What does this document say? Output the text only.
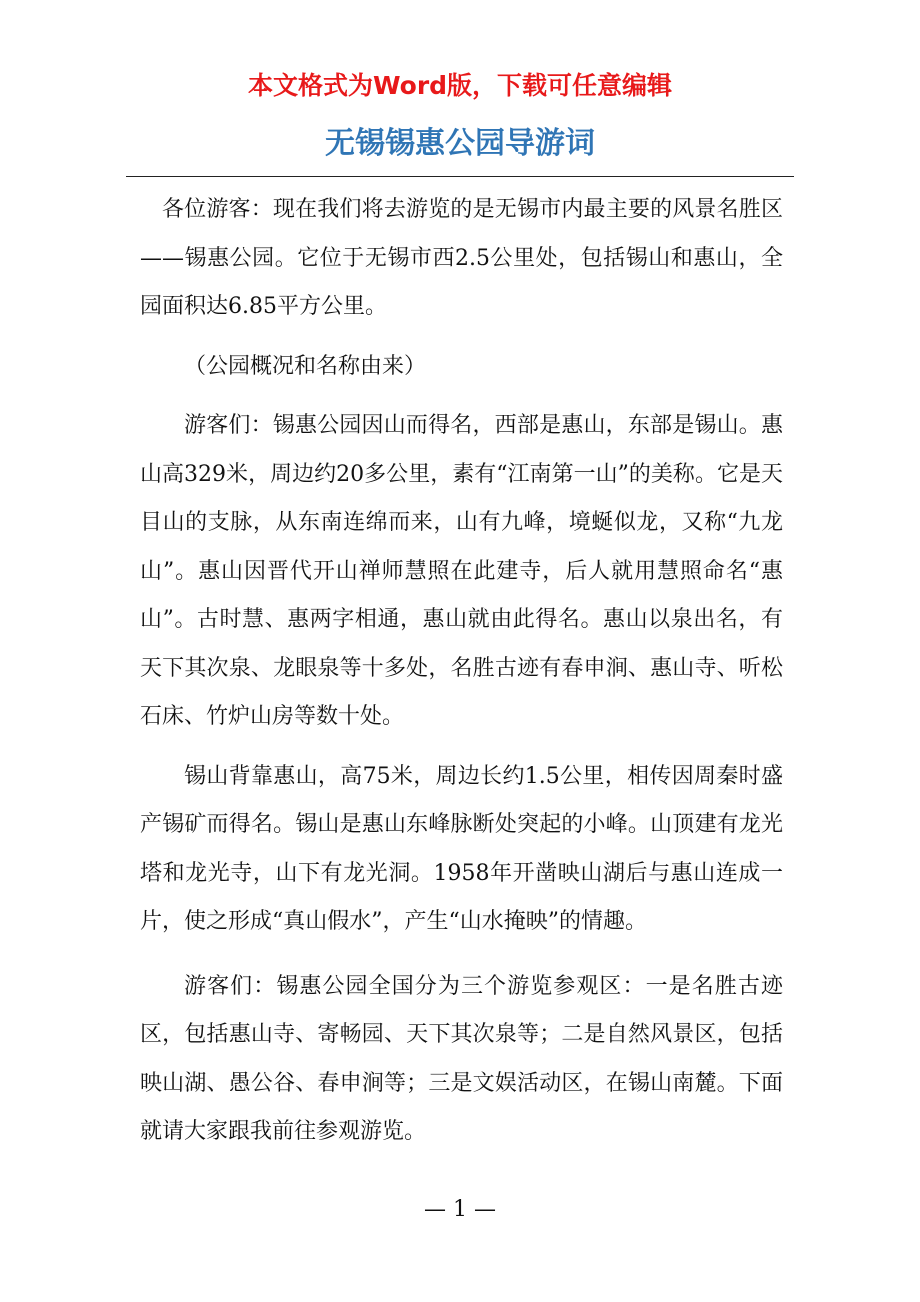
本文格式为Word版，下载可任意编辑
无锡锡惠公园导游词

各位游客：现在我们将去游览的是无锡市内最主要的风景名胜区——锡惠公园。它位于无锡市西2.5公里处，包括锡山和惠山，全园面积达6.85平方公里。

（公园概况和名称由来）

游客们：锡惠公园因山而得名，西部是惠山，东部是锡山。惠山高329米，周边约20多公里，素有“江南第一山”的美称。它是天目山的支脉，从东南连绵而来，山有九峰，境蜒似龙，又称“九龙山”。惠山因晋代开山禅师慧照在此建寺，后人就用慧照命名“惠山”。古时慧、惠两字相通，惠山就由此得名。惠山以泉出名，有天下其次泉、龙眼泉等十多处，名胜古迹有春申涧、惠山寺、听松石床、竹炉山房等数十处。

锡山背靠惠山，高75米，周边长约1.5公里，相传因周秦时盛产锡矿而得名。锡山是惠山东峰脉断处突起的小峰。山顶建有龙光塔和龙光寺，山下有龙光洞。1958年开凿映山湖后与惠山连成一片，使之形成“真山假水”，产生“山水掩映”的情趣。

游客们：锡惠公园全国分为三个游览参观区：一是名胜古迹区，包括惠山寺、寄畅园、天下其次泉等；二是自然风景区，包括映山湖、愚公谷、春申涧等；三是文娱活动区，在锡山南麓。下面就请大家跟我前往参观游览。

— 1 —
